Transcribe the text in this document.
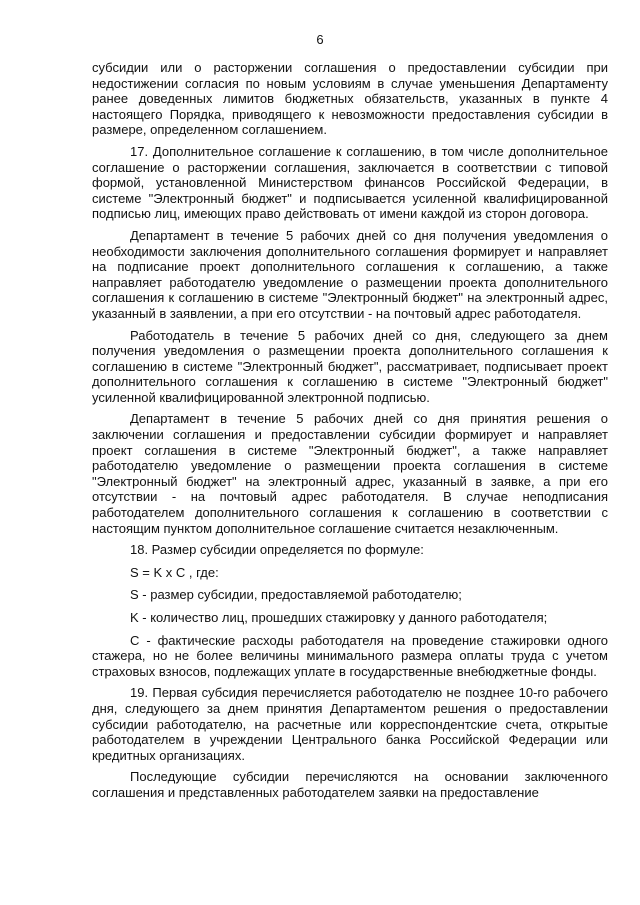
6

субсидии или о расторжении соглашения о предоставлении субсидии при недостижении согласия по новым условиям в случае уменьшения Департаменту ранее доведенных лимитов бюджетных обязательств, указанных в пункте 4 настоящего Порядка, приводящего к невозможности предоставления субсидии в размере, определенном соглашением.

17. Дополнительное соглашение к соглашению, в том числе дополнительное соглашение о расторжении соглашения, заключается в соответствии с типовой формой, установленной Министерством финансов Российской Федерации, в системе "Электронный бюджет" и подписывается усиленной квалифицированной подписью лиц, имеющих право действовать от имени каждой из сторон договора.

Департамент в течение 5 рабочих дней со дня получения уведомления о необходимости заключения дополнительного соглашения формирует и направляет на подписание проект дополнительного соглашения к соглашению, а также направляет работодателю уведомление о размещении проекта дополнительного соглашения к соглашению в системе "Электронный бюджет" на электронный адрес, указанный в заявлении, а при его отсутствии - на почтовый адрес работодателя.

Работодатель в течение 5 рабочих дней со дня, следующего за днем получения уведомления о размещении проекта дополнительного соглашения к соглашению в системе "Электронный бюджет", рассматривает, подписывает проект дополнительного соглашения к соглашению в системе "Электронный бюджет" усиленной квалифицированной электронной подписью.

Департамент в течение 5 рабочих дней со дня принятия решения о заключении соглашения и предоставлении субсидии формирует и направляет проект соглашения в системе "Электронный бюджет", а также направляет работодателю уведомление о размещении проекта соглашения в системе "Электронный бюджет" на электронный адрес, указанный в заявке, а при его отсутствии - на почтовый адрес работодателя. В случае неподписания работодателем дополнительного соглашения к соглашению в соответствии с настоящим пунктом дополнительное соглашение считается незаключенным.

18. Размер субсидии определяется по формуле:

S = K x C , где:

S - размер субсидии, предоставляемой работодателю;

K - количество лиц, прошедших стажировку у данного работодателя;

C - фактические расходы работодателя на проведение стажировки одного стажера, но не более величины минимального размера оплаты труда с учетом страховых взносов, подлежащих уплате в государственные внебюджетные фонды.

19. Первая субсидия перечисляется работодателю не позднее 10-го рабочего дня, следующего за днем принятия Департаментом решения о предоставлении субсидии работодателю, на расчетные или корреспондентские счета, открытые работодателем в учреждении Центрального банка Российской Федерации или кредитных организациях.

Последующие субсидии перечисляются на основании заключенного соглашения и представленных работодателем заявки на предоставление
